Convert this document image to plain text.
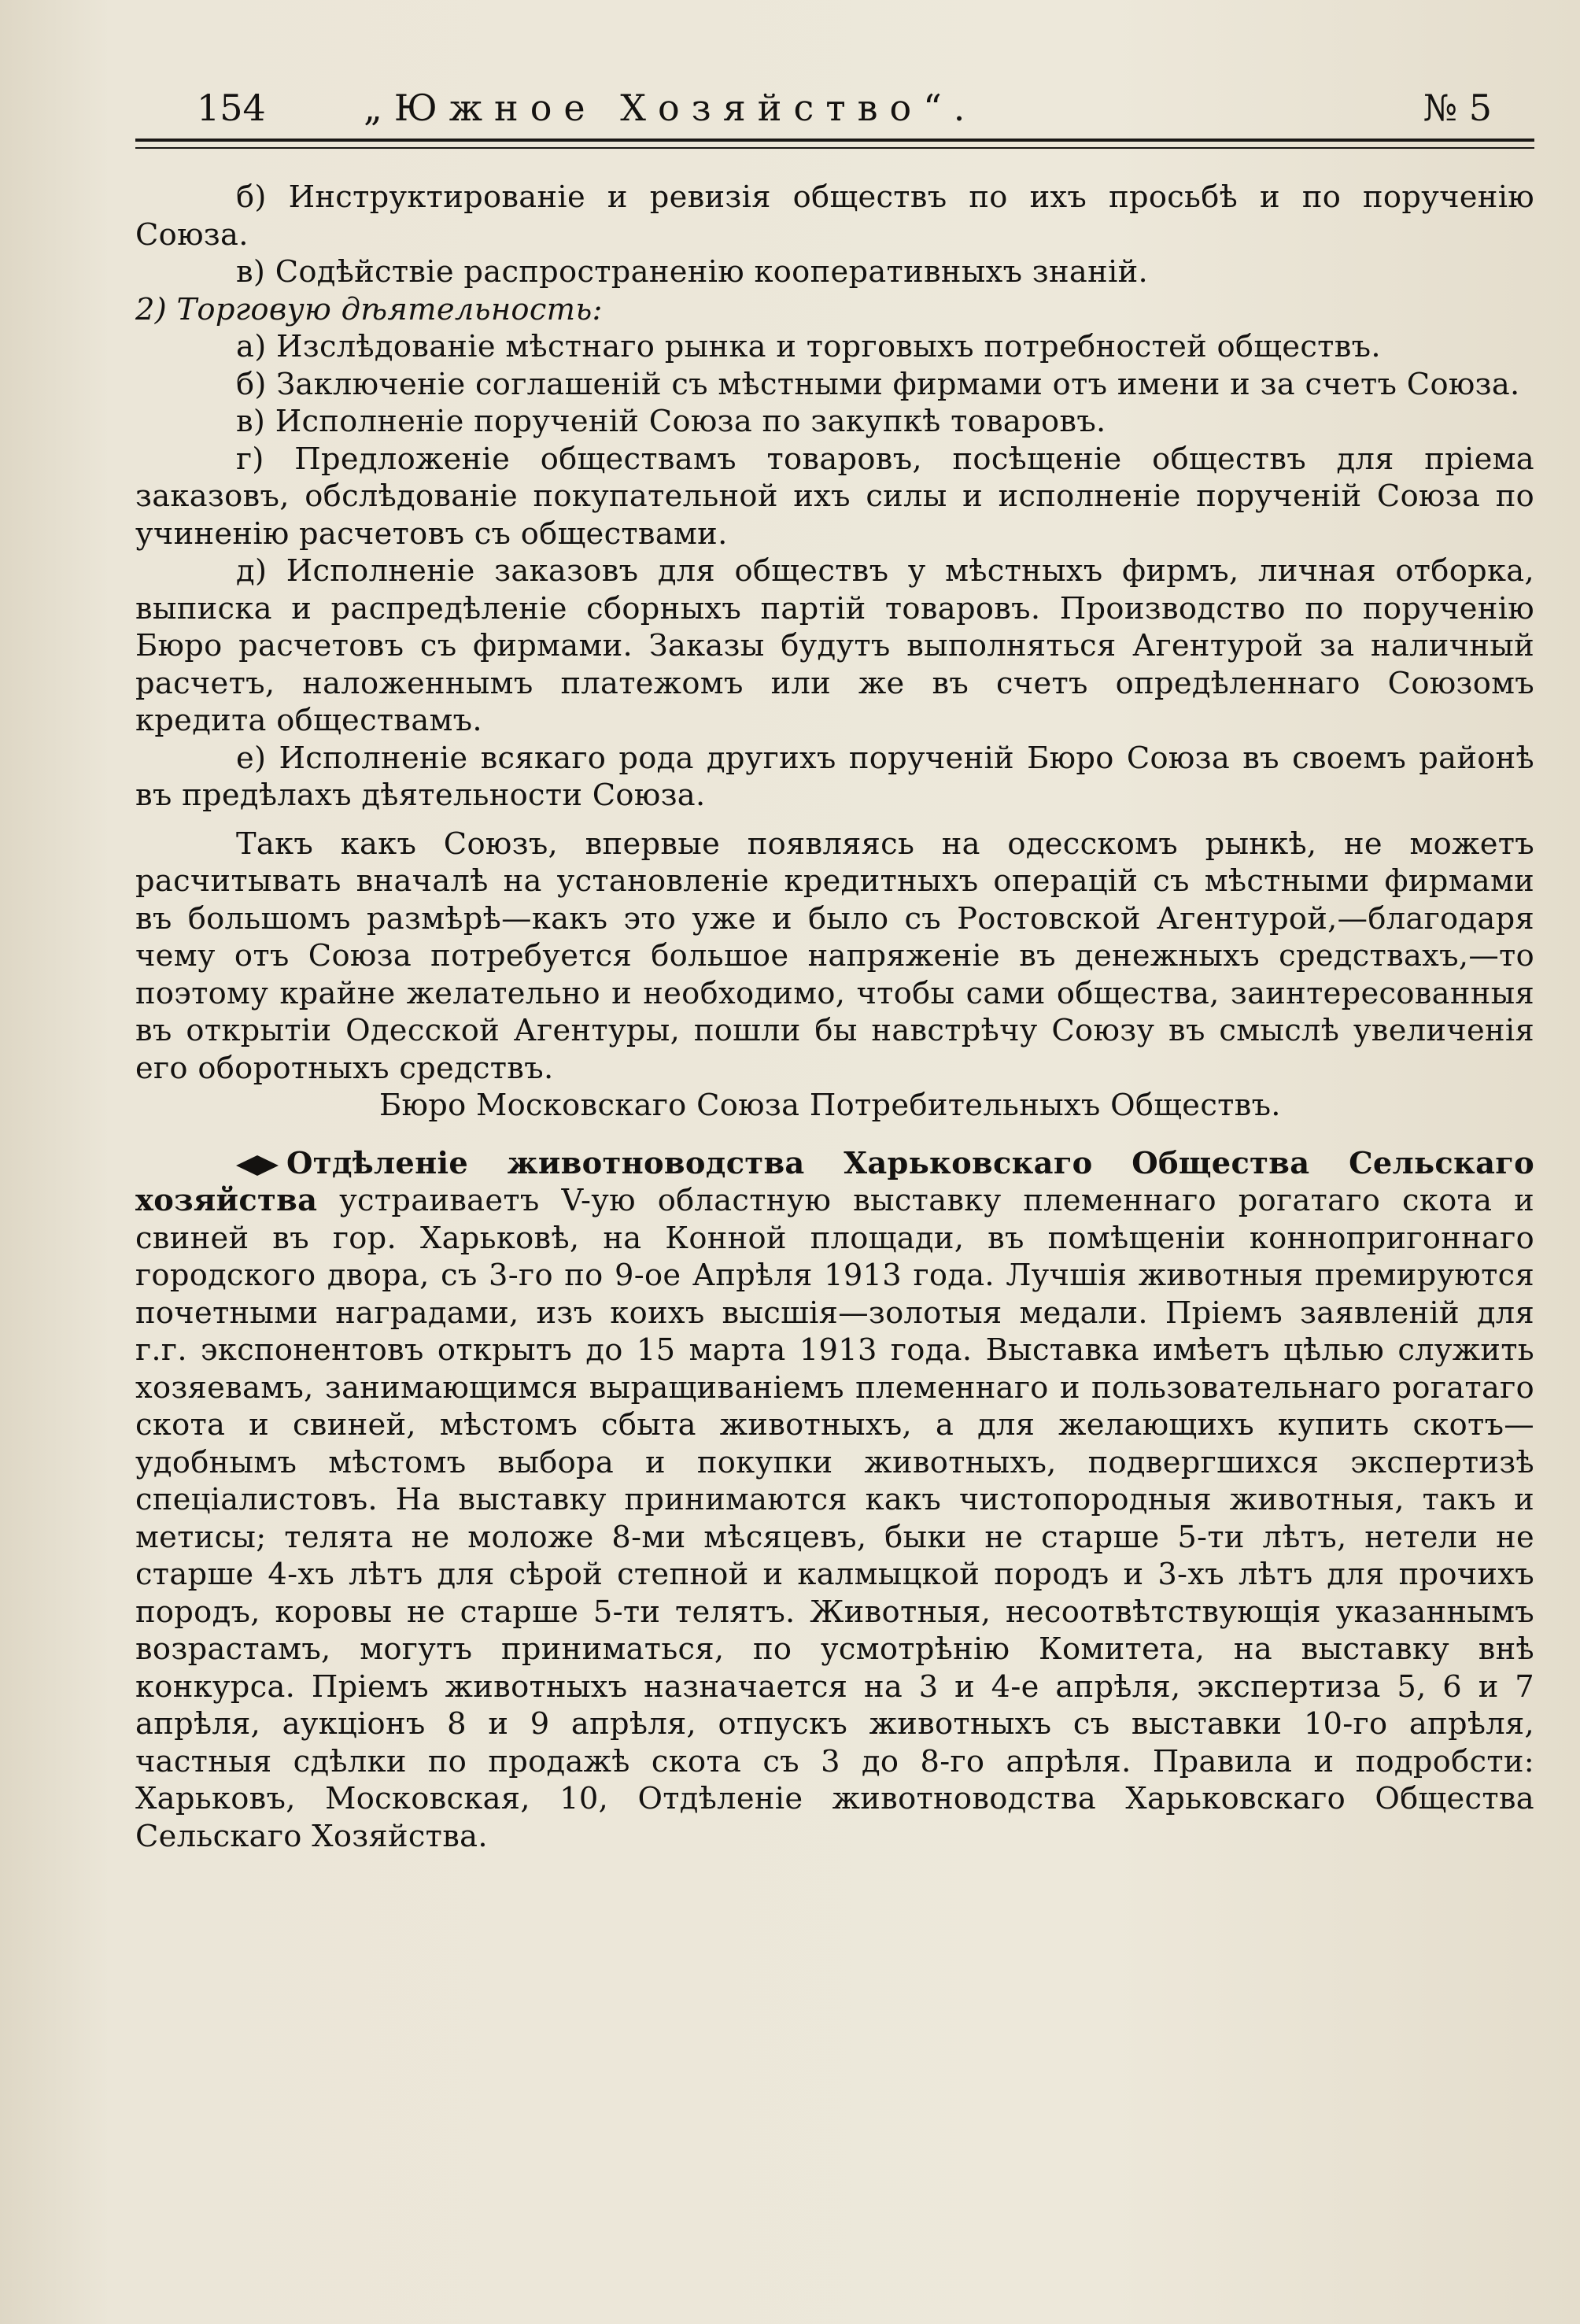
154	„Южное Хозяйство“.	№ 5

б) Инструктированіе и ревизія обществъ по ихъ просьбѣ и по порученію Союза.

в) Содѣйствіе распространенію кооперативныхъ знаній.

2) Торговую дѣятельность:

а) Изслѣдованіе мѣстнаго рынка и торговыхъ потребностей обществъ.

б) Заключеніе соглашеній съ мѣстными фирмами отъ имени и за счетъ Союза.

в) Исполненіе порученій Союза по закупкѣ товаровъ.

г) Предложеніе обществамъ товаровъ, посѣщеніе обществъ для пріема заказовъ, обслѣдованіе покупательной ихъ силы и исполненіе порученій Союза по учиненію расчетовъ съ обществами.

д) Исполненіе заказовъ для обществъ у мѣстныхъ фирмъ, личная отборка, выписка и распредѣленіе сборныхъ партій товаровъ. Производство по порученію Бюро расчетовъ съ фирмами. Заказы будутъ выполняться Агентурой за наличный расчетъ, наложеннымъ платежомъ или же въ счетъ опредѣленнаго Союзомъ кредита обществамъ.

е) Исполненіе всякаго рода другихъ порученій Бюро Союза въ своемъ районѣ въ предѣлахъ дѣятельности Союза.

Такъ какъ Союзъ, впервые появляясь на одесскомъ рынкѣ, не можетъ расчитывать вначалѣ на установленіе кредитныхъ операцій съ мѣстными фирмами въ большомъ размѣрѣ—какъ это уже и было съ Ростовской Агентурой,—благодаря чему отъ Союза потребуется большое напряженіе въ денежныхъ средствахъ,—то поэтому крайне желательно и необходимо, чтобы сами общества, заинтересованныя въ открытіи Одесской Агентуры, пошли бы навстрѣчу Союзу въ смыслѣ увеличенія его оборотныхъ средствъ.

Бюро Московскаго Союза Потребительныхъ Обществъ.

Отдѣленіе животноводства Харьковскаго Общества Сельскаго хозяйства устраиваетъ V-ую областную выставку племеннаго рогатаго скота и свиней въ гор. Харьковѣ, на Конной площади, въ помѣщеніи коннопригоннаго городского двора, съ 3-го по 9-ое Апрѣля 1913 года. Лучшія животныя премируются почетными наградами, изъ коихъ высшія—золотыя медали. Пріемъ заявленій для г.г. экспонентовъ открытъ до 15 марта 1913 года. Выставка имѣетъ цѣлью служить хозяевамъ, занимающимся выращиваніемъ племеннаго и пользовательнаго рогатаго скота и свиней, мѣстомъ сбыта животныхъ, а для желающихъ купить скотъ—удобнымъ мѣстомъ выбора и покупки животныхъ, подвергшихся экспертизѣ спеціалистовъ. На выставку принимаются какъ чистопородныя животныя, такъ и метисы; телята не моложе 8-ми мѣсяцевъ, быки не старше 5-ти лѣтъ, нетели не старше 4-хъ лѣтъ для сѣрой степной и калмыцкой породъ и 3-хъ лѣтъ для прочихъ породъ, коровы не старше 5-ти телятъ. Животныя, несоотвѣтствующія указаннымъ возрастамъ, могутъ приниматься, по усмотрѣнію Комитета, на выставку внѣ конкурса. Пріемъ животныхъ назначается на 3 и 4-е апрѣля, экспертиза 5, 6 и 7 апрѣля, аукціонъ 8 и 9 апрѣля, отпускъ животныхъ съ выставки 10-го апрѣля, частныя сдѣлки по продажѣ скота съ 3 до 8-го апрѣля. Правила и подробсти: Харьковъ, Московская, 10, Отдѣленіе животноводства Харьковскаго Общества Сельскаго Хозяйства.
